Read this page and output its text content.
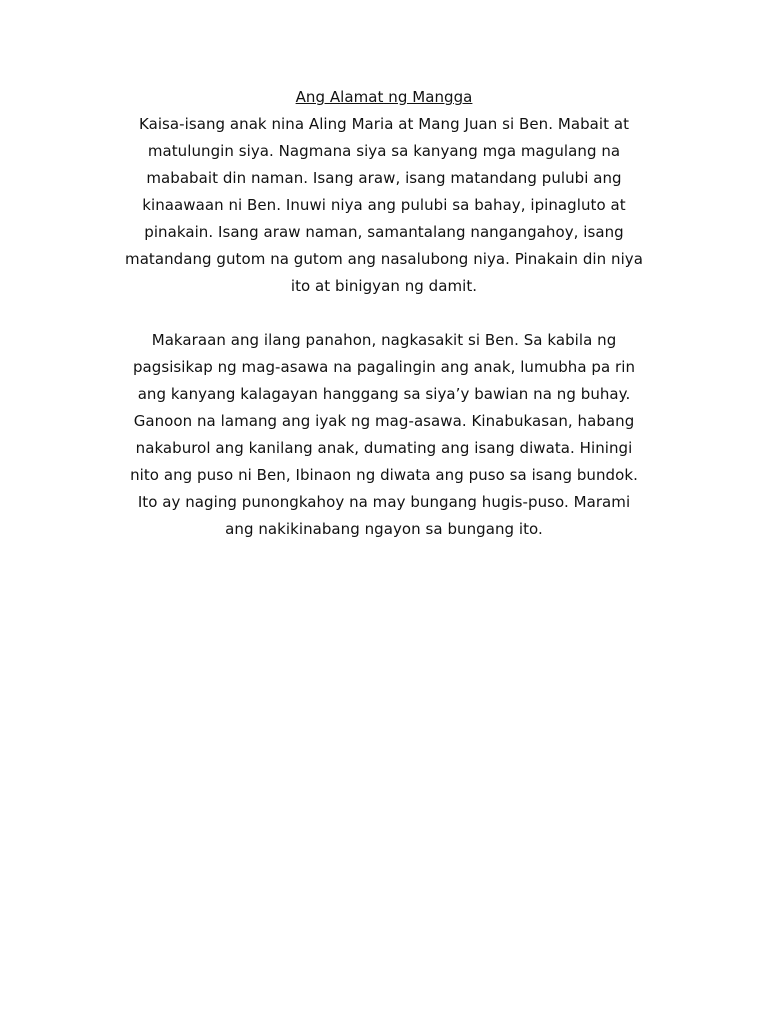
Ang Alamat ng Mangga

Kaisa-isang anak nina Aling Maria at Mang Juan si Ben. Mabait at
matulungin siya. Nagmana siya sa kanyang mga magulang na
mababait din naman. Isang araw, isang matandang pulubi ang
kinaawaan ni Ben. Inuwi niya ang pulubi sa bahay, ipinagluto at
pinakain. Isang araw naman, samantalang nangangahoy, isang
matandang gutom na gutom ang nasalubong niya. Pinakain din niya
ito at binigyan ng damit.

Makaraan ang ilang panahon, nagkasakit si Ben. Sa kabila ng
pagsisikap ng mag-asawa na pagalingin ang anak, lumubha pa rin
ang kanyang kalagayan hanggang sa siya’y bawian na ng buhay.
Ganoon na lamang ang iyak ng mag-asawa. Kinabukasan, habang
nakaburol ang kanilang anak, dumating ang isang diwata. Hiningi
nito ang puso ni Ben, Ibinaon ng diwata ang puso sa isang bundok.
Ito ay naging punongkahoy na may bungang hugis-puso. Marami
ang nakikinabang ngayon sa bungang ito.
